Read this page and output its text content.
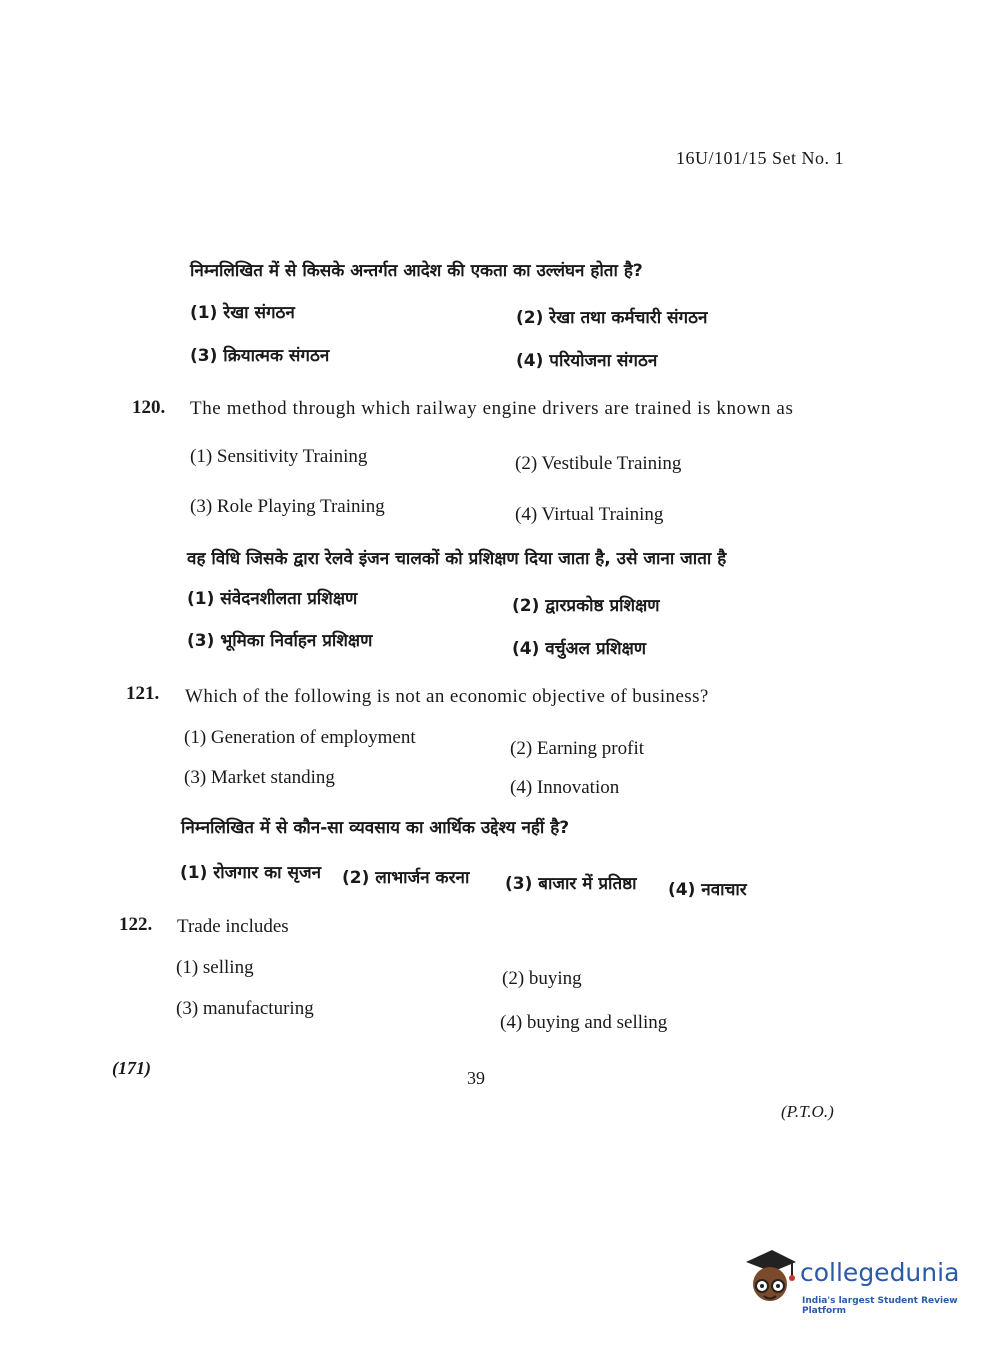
16U/101/15 Set No. 1
निम्नलिखित में से किसके अन्तर्गत आदेश की एकता का उल्लंघन होता है?
(1) रेखा संगठन	(2) रेखा तथा कर्मचारी संगठन
(3) क्रियात्मक संगठन	(4) परियोजना संगठन
120. The method through which railway engine drivers are trained is known as
(1) Sensitivity Training	(2) Vestibule Training
(3) Role Playing Training	(4) Virtual Training
वह विधि जिसके द्वारा रेलवे इंजन चालकों को प्रशिक्षण दिया जाता है, उसे जाना जाता है
(1) संवेदनशीलता प्रशिक्षण	(2) द्वारप्रकोष्ठ प्रशिक्षण
(3) भूमिका निर्वाहन प्रशिक्षण	(4) वर्चुअल प्रशिक्षण
121. Which of the following is not an economic objective of business?
(1) Generation of employment
(2) Earning profit
(3) Market standing	(4) Innovation
निम्नलिखित में से कौन-सा व्यवसाय का आर्थिक उद्देश्य नहीं है?
(1) रोजगार का सृजन (2) लाभार्जन करना (3) बाजार में प्रतिष्ठा (4) नवाचार
122. Trade includes
(1) selling
(2) buying
(3) manufacturing
(4) buying and selling
(171)	39
(P.T.O.)
collegedunia
India's largest Student Review Platform
